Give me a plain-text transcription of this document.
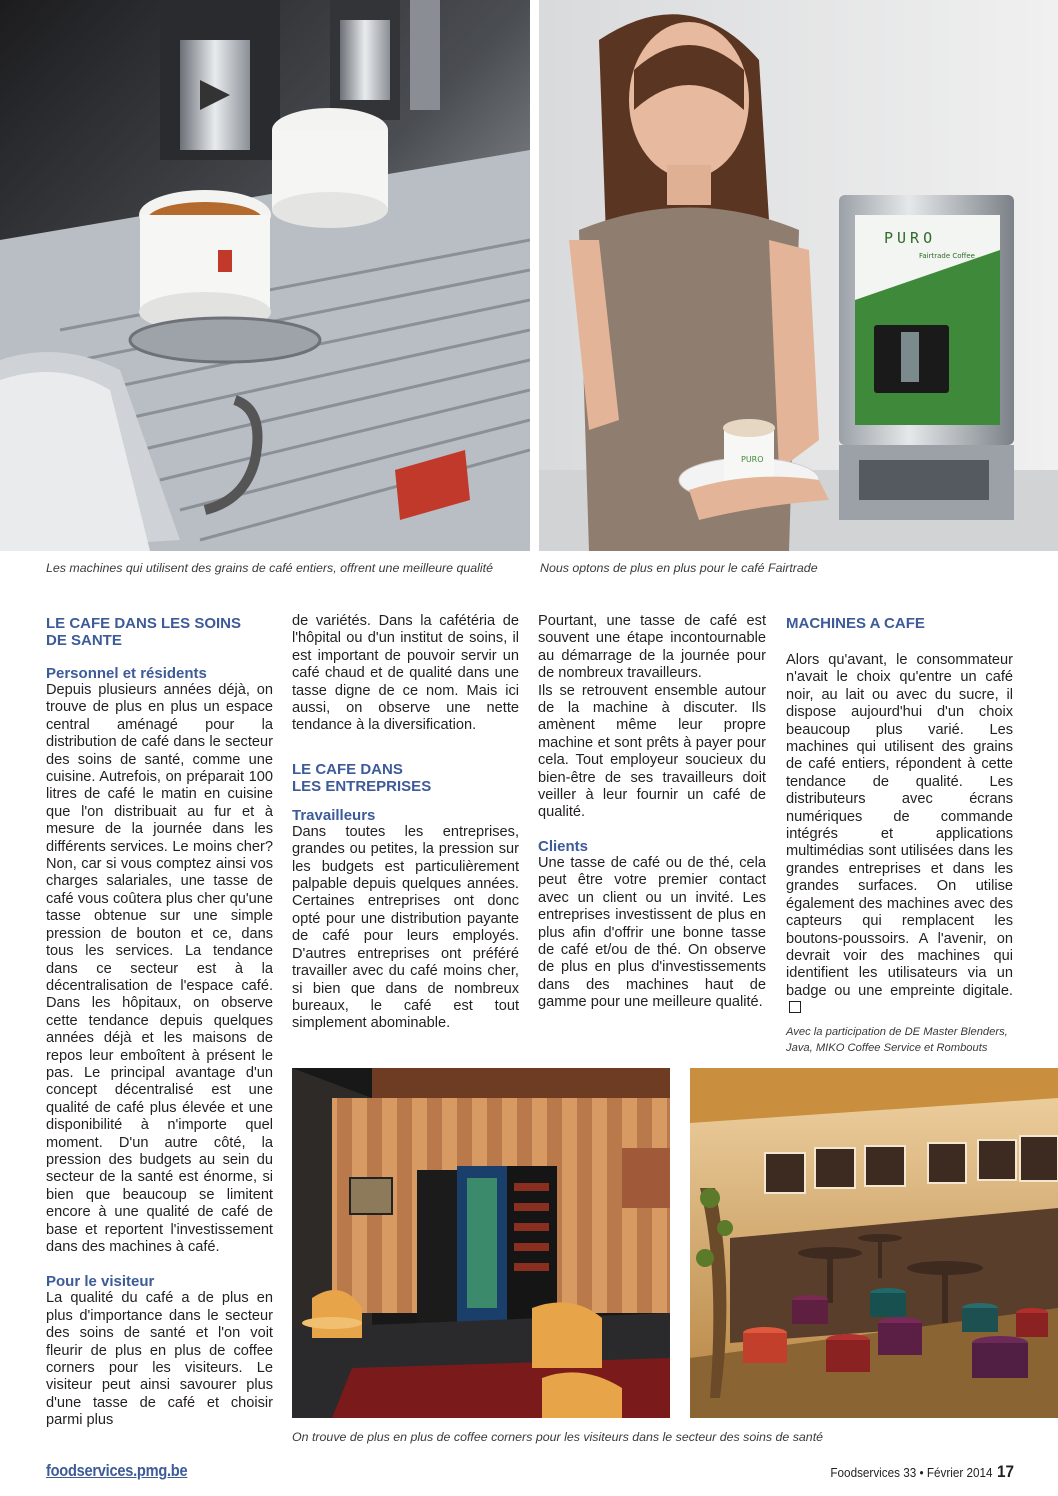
PURO
Fairtrade Coffee
PURO
Les machines qui utilisent des grains de café entiers, offrent une meilleure qualité	Nous optons de plus en plus pour le café Fairtrade
LE CAFE DANS LES SOINS
DE SANTE
Personnel et résidents

Depuis plusieurs années déjà, on trouve de plus en plus un espace central aménagé pour la distribution de café dans le secteur des soins de santé, comme une cuisine. Autrefois, on préparait 100 litres de café le matin en cuisine que l'on distribuait au fur et à mesure de la journée dans les différents services. Le moins cher? Non, car si vous comptez ainsi vos charges salariales, une tasse de café vous coûtera plus cher qu'une tasse obtenue sur une simple pression de bouton et ce, dans tous les services. La tendance dans ce secteur est à la décentralisation de l'espace café. Dans les hôpitaux, on observe cette tendance depuis quelques années déjà et les maisons de repos leur emboîtent à présent le pas. Le principal avantage d'un concept décentralisé est une qualité de café plus élevée et une disponibilité à n'importe quel moment. D'un autre côté, la pression des budgets au sein du secteur de la santé est énorme, si bien que beaucoup se limitent encore à une qualité de café de base et reportent l'investissement dans des machines à café.

Pour le visiteur

La qualité du café a de plus en plus d'importance dans le secteur des soins de santé et l'on voit fleurir de plus en plus de coffee corners pour les visiteurs. Le visiteur peut ainsi savourer plus d'une tasse de café et choisir parmi plus

de variétés. Dans la cafétéria de l'hôpital ou d'un institut de soins, il est important de pouvoir servir un café chaud et de qualité dans une tasse digne de ce nom. Mais ici aussi, on observe une nette tendance à la diversification.

LE CAFE DANS
LES ENTREPRISES
Travailleurs

Dans toutes les entreprises, grandes ou petites, la pression sur les budgets est particulièrement palpable depuis quelques années. Certaines entreprises ont donc opté pour une distribution payante de café pour leurs employés. D'autres entreprises ont préféré travailler avec du café moins cher, si bien que dans de nombreux bureaux, le café est tout simplement abominable.

Pourtant, une tasse de café est souvent une étape incontournable au démarrage de la journée pour de nombreux travailleurs.

Ils se retrouvent ensemble autour de la machine à discuter. Ils amènent même leur propre machine et sont prêts à payer pour cela. Tout employeur soucieux du bien-être de ses travailleurs doit veiller à leur fournir un café de qualité.

Clients

Une tasse de café ou de thé, cela peut être votre premier contact avec un client ou un invité. Les entreprises investissent de plus en plus afin d'offrir une bonne tasse de café et/ou de thé. On observe de plus en plus d'investissements dans des machines haut de gamme pour une meilleure qualité.

MACHINES A CAFE

Alors qu'avant, le consommateur n'avait le choix qu'entre un café noir, au lait ou avec du sucre, il dispose aujourd'hui d'un choix beaucoup plus varié. Les machines qui utilisent des grains de café entiers, répondent à cette tendance de qualité. Les distributeurs avec écrans numériques de commande intégrés et applications multimédias sont utilisées dans les grandes entreprises et dans les grandes surfaces. On utilise également des machines avec des capteurs qui remplacent les boutons-poussoirs. A l'avenir, on devrait voir des machines qui identifient les utilisateurs via un badge ou une empreinte digitale.

Avec la participation de DE Master Blenders, Java, MIKO Coffee Service et Rombouts
On trouve de plus en plus de coffee corners pour les visiteurs dans le secteur des soins de santé
foodservices.pmg.be	Foodservices 33 • Février 2014 17
